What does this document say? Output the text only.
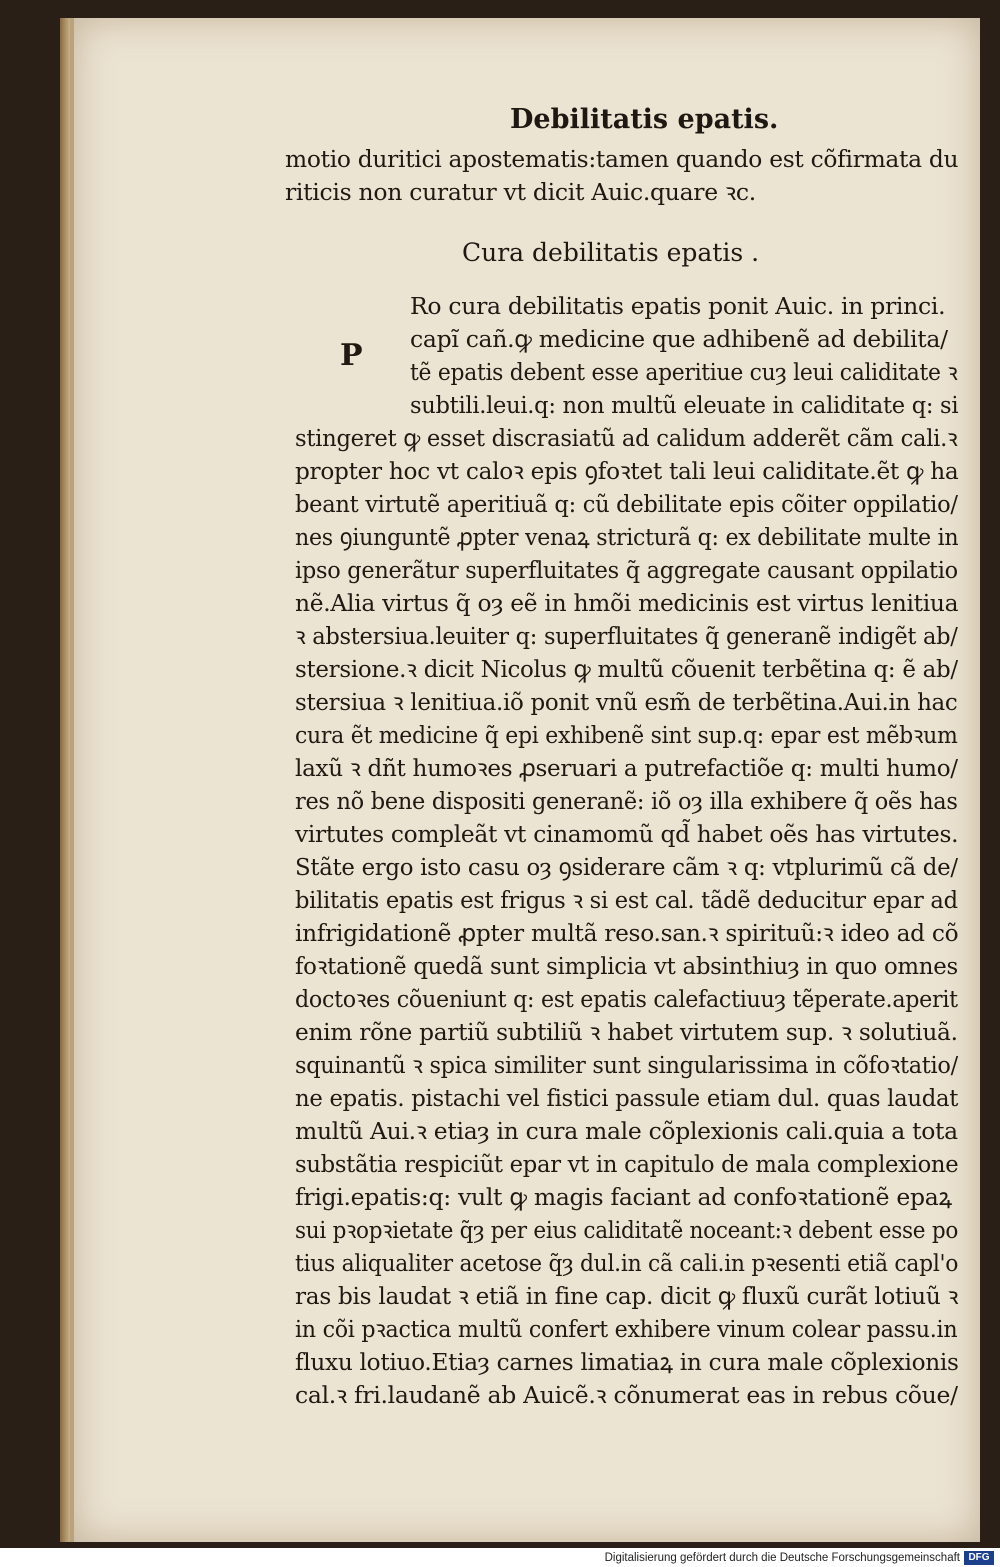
Debilitatis epatis.
motio duritici apostematis:tamen quando est cõfirmata du
riticis non curatur vt dicit Auic.quare ꝛc.
Cura debilitatis epatis .
P
Ro cura debilitatis epatis ponit Auic. in princi.
capĩ cañ.ꝙ medicine que adhibenẽ ad debilita/
tẽ epatis debent esse aperitiue cuȝ leui caliditate ꝛ
subtili.leui.q: non multũ eleuate in caliditate q: si
stingeret ꝙ esset discrasiatũ ad calidum adderẽt cãm cali.ꝛ
propter hoc vt caloꝛ epis ꝯfoꝛtet tali leui caliditate.ẽt ꝙ ha
beant virtutẽ aperitiuã q: cũ debilitate epis cõiter oppilatio/
nes ꝯiunguntẽ ꝓpter venaꝝ stricturã q: ex debilitate multe in
ipso generãtur superfluitates q̃ aggregate causant oppilatio
nẽ.Alia virtus q̃ oȝ eẽ in hmõi medicinis est virtus lenitiua
ꝛ abstersiua.leuiter q: superfluitates q̃ generanẽ indigẽt ab/
stersione.ꝛ dicit Nicolus ꝙ multũ cõuenit terbẽtina q: ẽ ab/
stersiua ꝛ lenitiua.iõ ponit vnũ esm̃ de terbẽtina.Aui.in hac
cura ẽt medicine q̃ epi exhibenẽ sint sup.q: epar est mẽbꝛum
laxũ ꝛ dñt humoꝛes ꝓseruari a putrefactiõe q: multi humo/
res nõ bene dispositi generanẽ: iõ oȝ illa exhibere q̃ oẽs has
virtutes compleãt vt cinamomũ qd̃ habet oẽs has virtutes.
Stãte ergo isto casu oȝ ꝯsiderare cãm ꝛ q: vtplurimũ cã de/
bilitatis epatis est frigus ꝛ si est cal. tãdẽ deducitur epar ad
infrigidationẽ ꝓpter multã reso.san.ꝛ spirituũ:ꝛ ideo ad cõ
foꝛtationẽ quedã sunt simplicia vt absinthiuȝ in quo omnes
doctoꝛes cõueniunt q: est epatis calefactiuuȝ tẽperate.aperit
enim rõne partiũ subtiliũ ꝛ habet virtutem sup. ꝛ solutiuã.
squinantũ ꝛ spica similiter sunt singularissima in cõfoꝛtatio/
ne epatis. pistachi vel fistici passule etiam dul. quas laudat
multũ Aui.ꝛ etiaȝ in cura male cõplexionis cali.quia a tota
substãtia respiciũt epar vt in capitulo de mala complexione
frigi.epatis:q: vult ꝙ magis faciant ad confoꝛtationẽ epaꝝ
sui pꝛopꝛietate q̃ȝ per eius caliditatẽ noceant:ꝛ debent esse po
tius aliqualiter acetose q̃ȝ dul.in cã cali.in pꝛesenti etiã capl'o
ras bis laudat ꝛ etiã in fine cap. dicit ꝙ fluxũ curãt lotiuũ ꝛ
in cõi pꝛactica multũ confert exhibere vinum colear passu.in
fluxu lotiuo.Etiaȝ carnes limatiaꝝ in cura male cõplexionis
cal.ꝛ fri.laudanẽ ab Auicẽ.ꝛ cõnumerat eas in rebus cõue/
Digitalisierung gefördert durch die Deutsche Forschungsgemeinschaft DFG
